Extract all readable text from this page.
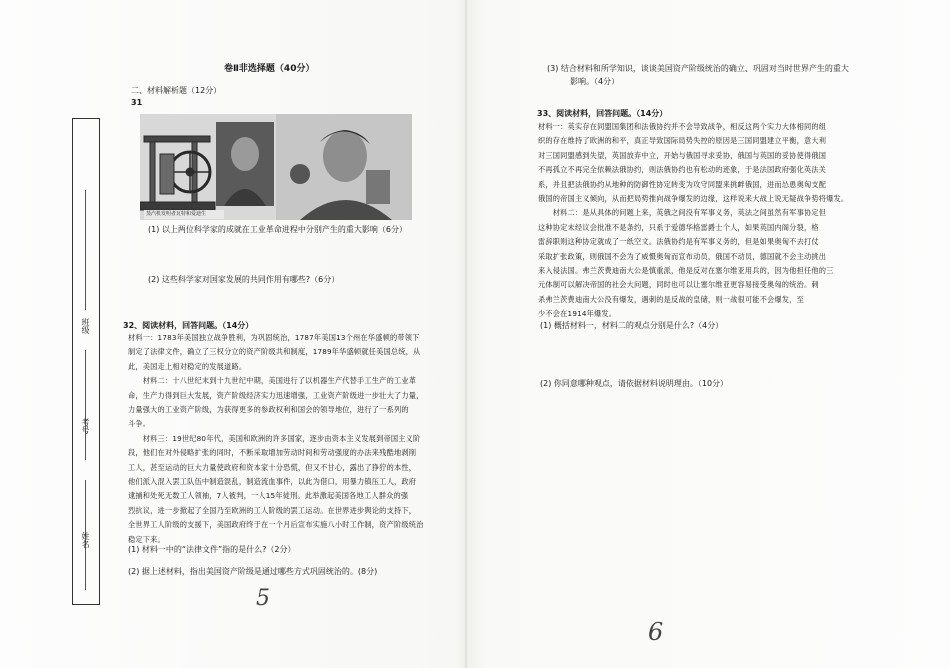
班级
考号
姓名
卷Ⅱ非选择题（40分）
二、材料解析题（12分）
31
蒸汽机发明者瓦特和爱迪生
(1) 以上两位科学家的成就在工业革命进程中分别产生的重大影响（6分）
(2) 这些科学家对国家发展的共同作用有哪些?（6分）
32、阅读材料，回答问题。（14分）
材料一：1783年美国独立战争胜利，为巩固统治，1787年美国13个州在华盛顿的带领下
制定了法律文件，确立了三权分立的资产阶级共和制度，1789年华盛顿就任美国总统，从
此，美国走上相对稳定的发展道路。
　　材料二：十八世纪末到十九世纪中期，美国进行了以机器生产代替手工生产的工业革
命，生产力得到巨大发展，资产阶级经济实力迅速增强，工业资产阶级进一步壮大了力量，
力量强大的工业资产阶级，为获得更多的参政权利和国会的领导地位，进行了一系列的
斗争。
　　材料三：19世纪80年代，美国和欧洲的许多国家，逐步由资本主义发展到帝国主义阶
段，他们在对外侵略扩张的同时，不断采取增加劳动时间和劳动强度的办法来残酷地剥削
工人，甚至运动的巨大力量使政府和资本家十分恐慌，但又不甘心，露出了狰狞的本性，
他们派入混入罢工队伍中制造混乱，制造流血事件，以此为借口，用暴力镇压工人，政府
逮捕和处死无数工人领袖，7人被判，一人15年徒刑。此举激起美国各地工人群众的强
烈抗议，进一步掀起了全国乃至欧洲的工人阶级的罢工运动。在世界进步舆论的支持下，
全世界工人阶级的支援下，美国政府终于在一个月后宣布实施八小时工作制，资产阶级统治
稳定下来。
(1) 材料一中的“法律文件”指的是什么?（2分）
(2) 据上述材料，指出美国资产阶级是通过哪些方式巩固统治的。(8分)
5
(3) 结合材料和所学知识，谈谈美国资产阶级统治的确立、巩固对当时世界产生的重大
影响。（4分）
33、阅读材料，回答问题。（14分）
材料一：英实存在同盟国集团和法俄协约并不会导致战争，相反这两个实力大体相同的组
织的存在维持了欧洲的和平，真正导致国际局势失控的原因是三国同盟建立平衡，意大利
对三国同盟感到失望，英国放弃中立，开始与俄国寻求妥协，俄国与英国的妥协使得俄国
不再孤立不再完全依赖法俄协约，则法俄协约也有松动的迹象，于是法国政府强化英法关
系，并且把法俄协约从地种的防御性协定转变为攻守同盟来挑衅俄国，进而怂恿奥匈支配
俄国的帝国主义倾向，从而把局势推向战争爆发的边缘，这样说来大战上说无疑战争势将爆发。
　　材料二：是从具体的问题上来，英俄之间没有军事义务，英法之间虽然有军事协定但
这种协定未经议会批准不是条约，只系于爱德华格雷爵士个人，如果英国内阁分裂，格
雷辞职则这种协定就成了一纸空文。法俄协约是有军事义务的，但是如果奥匈不去打仗
采取扩张政策，则俄国不会为了威慑奥匈而宣布动员，俄国不动员，德国就不会主动挑出
来入侵法国。弗兰茨费迪南大公是慎重派，他是反对在塞尔维亚用兵的，因为他担任他的三
元体制可以解决帝国的社会大问题，同时也可以让塞尔维亚更容易接受奥匈的统治。刺
杀弗兰茨费迪南大公没有爆发，遇刺的是反战的皇储，则一战很可能不会爆发，至
少不会在1914年爆发。
(1) 概括材料一，材料二的观点分别是什么?（4分）
(2) 你同意哪种观点，请依据材料说明理由。（10分）
6
